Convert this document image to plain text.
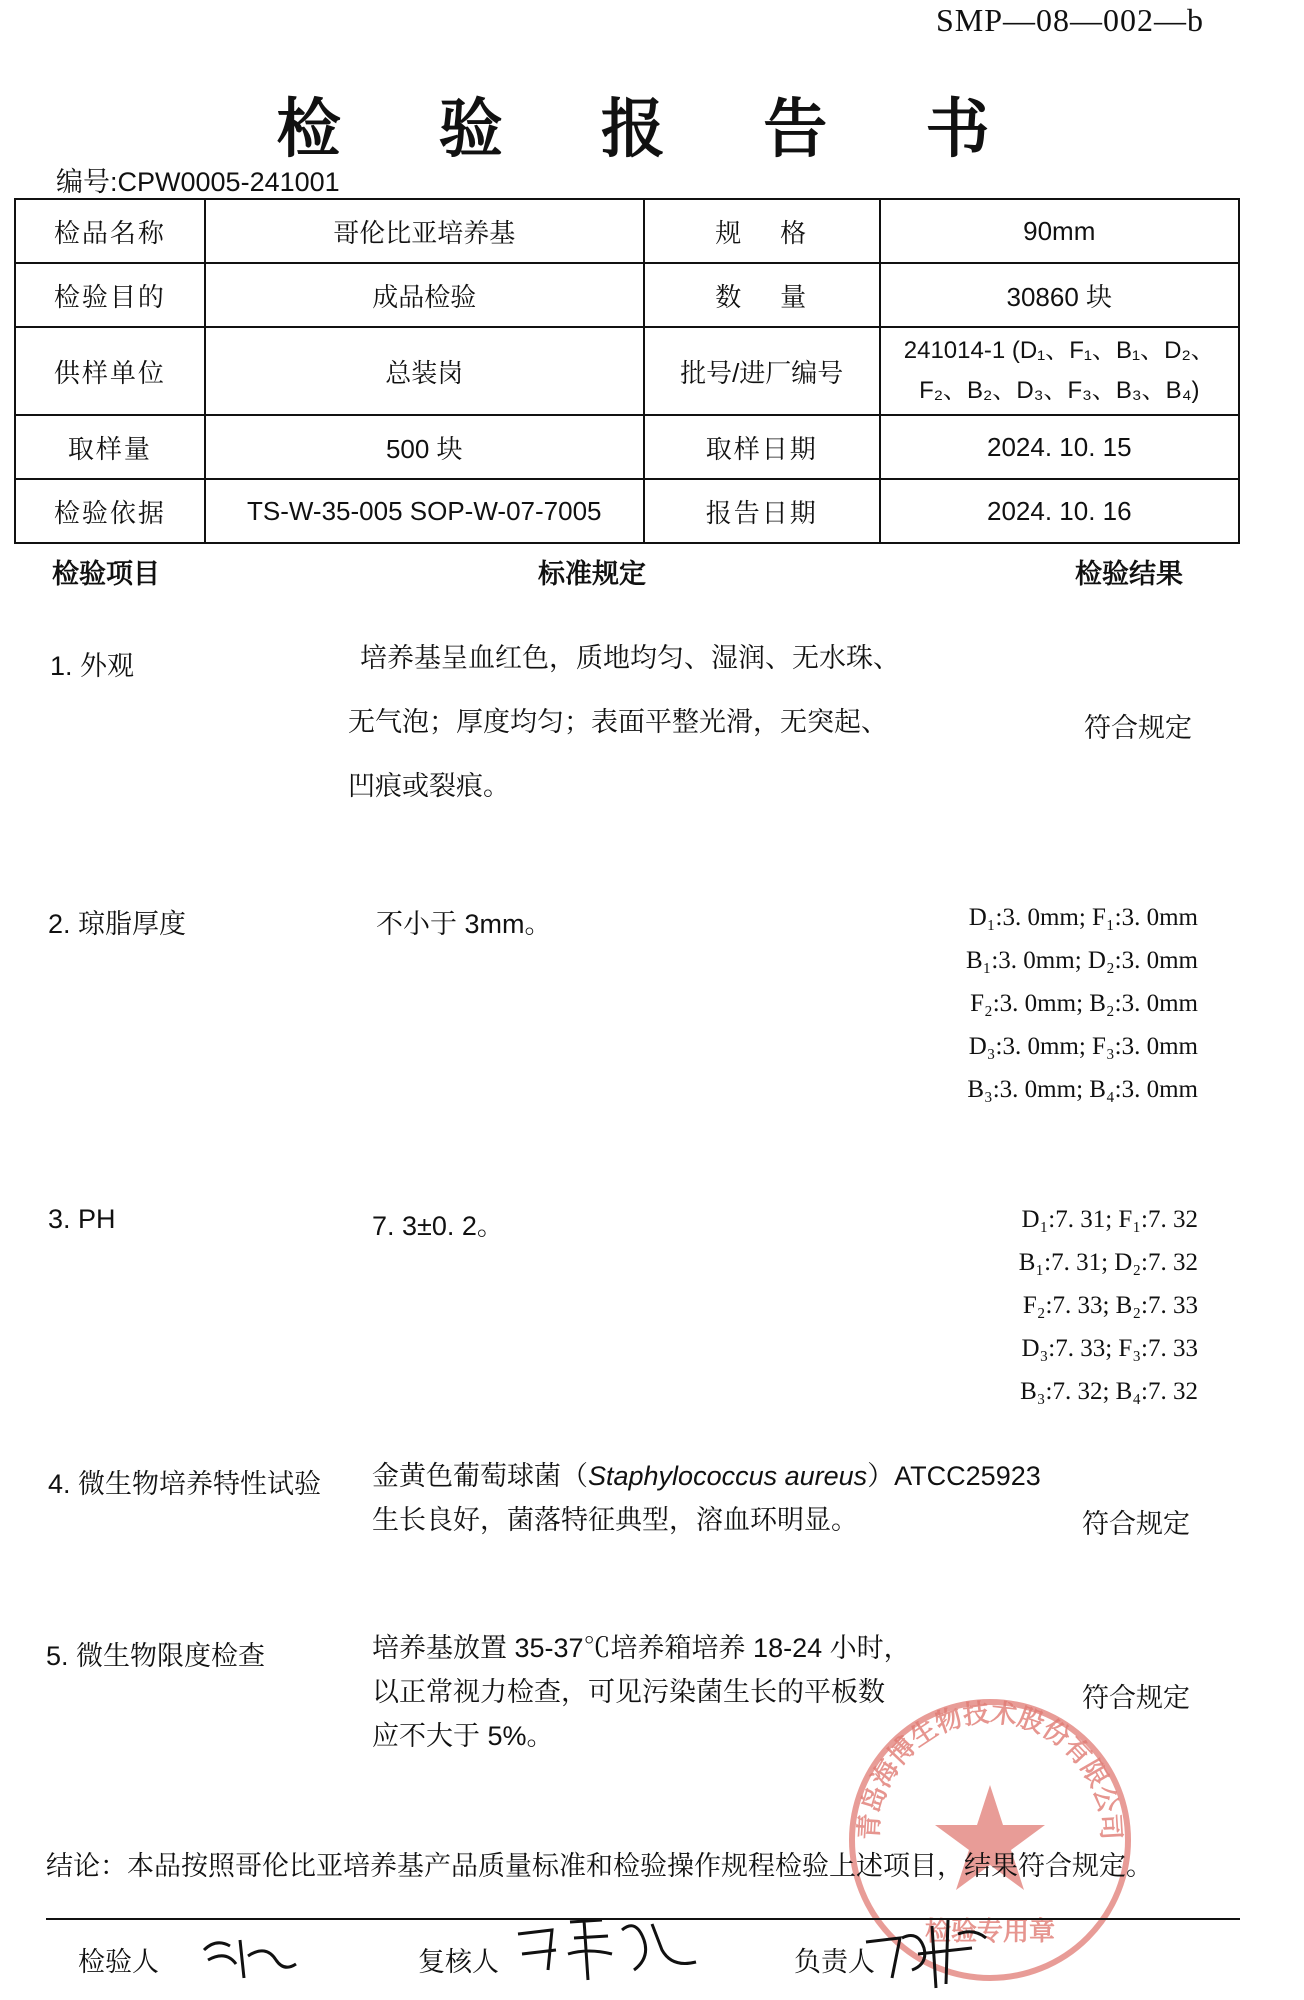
SMP—08—002—b
检 验 报 告 书
编号:CPW0005-241001
检品名称	哥伦比亚培养基	规    格	90mm
检验目的	成品检验	数    量	30860 块
供样单位	总装岗	批号/进厂编号	241014-1 (D₁、F₁、B₁、D₂、
F₂、B₂、D₃、F₃、B₃、B₄)

取样量	500 块	取样日期	2024. 10. 15
检验依据	TS-W-35-005 SOP-W-07-7005	报告日期	2024. 10. 16
检验项目	标准规定	检验结果
1. 外观	培养基呈血红色，质地均匀、湿润、无水珠、
无气泡；厚度均匀；表面平整光滑，无突起、
凹痕或裂痕。
符合规定
2. 琼脂厚度	不小于 3mm。	D₁:3. 0mm; F₁:3. 0mm
B₁:3. 0mm; D₂:3. 0mm
F₂:3. 0mm; B₂:3. 0mm
D₃:3. 0mm; F₃:3. 0mm
B₃:3. 0mm; B₄:3. 0mm
3. PH	7. 3±0. 2。	D₁:7. 31; F₁:7. 32
B₁:7. 31; D₂:7. 32
F₂:7. 33; B₂:7. 33
D₃:7. 33; F₃:7. 33
B₃:7. 32; B₄:7. 32
4. 微生物培养特性试验 金黄色葡萄球菌（Staphylococcus aureus）ATCC25923
生长良好，菌落特征典型，溶血环明显。	符合规定
5. 微生物限度检查	培养基放置 35-37℃培养箱培养 18-24 小时，
以正常视力检查，可见污染菌生长的平板数
应不大于 5%。
符合规定
青岛海博生物技术股份有限公司
检验专用章
结论：本品按照哥伦比亚培养基产品质量标准和检验操作规程检验上述项目，结果符合规定。
检验人	复核人	负责人
